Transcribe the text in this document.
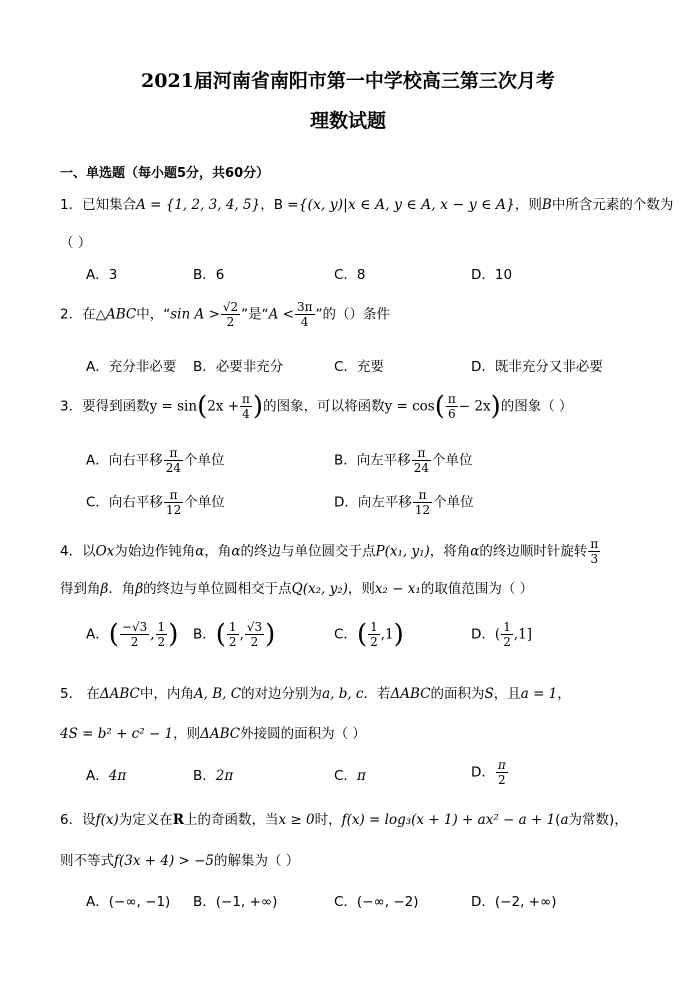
2021届河南省南阳市第一中学校高三第三次月考
理数试题
一、单选题（每小题5分，共60分）
1．已知集合A = {1, 2, 3, 4, 5}，B ={(x, y)|x ∈ A, y ∈ A, x − y ∈ A}，则B中所含元素的个数为
（ ）
A．3	B．6	C．8	D．10
2．在△ABC中，“sin $A > \frac{√2}{2}$ ”是“$A < \frac{3\pi}{4}$ ”的（）条件
A．充分非必要 B．必要非充分	C．充要	D．既非充分又非必要
3．要得到函数$y = \sin(2x + \frac{\pi}{4}$ )的图象，可以将函数$y = \cos( \frac{\pi}{6} - 2x)$的图象（ ）
A．向右平移 $\frac{\pi}{24}$ 个单位	B．向左平移 $\frac{\pi}{24}$ 个单位
C．向右平移 $\frac{\pi}{12}$ 个单位	D．向左平移 $\frac{\pi}{12}$ 个单位
4．以Ox为始边作钝角α，角α的终边与单位圆交于点P(x₁, y₁)，将角α的终边顺时针旋转 $\frac{\pi}{3}$
得到角β．角β的终边与单位圆相交于点Q(x₂, y₂)，则x₂ − x₁的取值范围为（ ）
A．( $\frac{-√3}{2}$ , $\frac{1}{2}$ ) B．( $\frac{1}{2}$ , $\frac{√3}{2}$ )	C．( $\frac{1}{2} ,1$)	D．( $\frac{1}{2} ,1$]
5． 在ΔABC中，内角A, B, C的对边分别为a, b, c．若ΔABC的面积为S，且a = 1，
4S = b² + c² − 1，则ΔABC外接圆的面积为（ ）
A．4π	B．2π	C．π	D． $\frac{\pi}{2}$
6．设f(x)为定义在R上的奇函数，当x ≥ 0时，f(x) = log₃(x + 1) + ax² − a + 1(a为常数)，
则不等式f(3x + 4) > −5的解集为（ ）
A．(−∞, −1) B．(−1, +∞)	C．(−∞, −2)	D．(−2, +∞)
